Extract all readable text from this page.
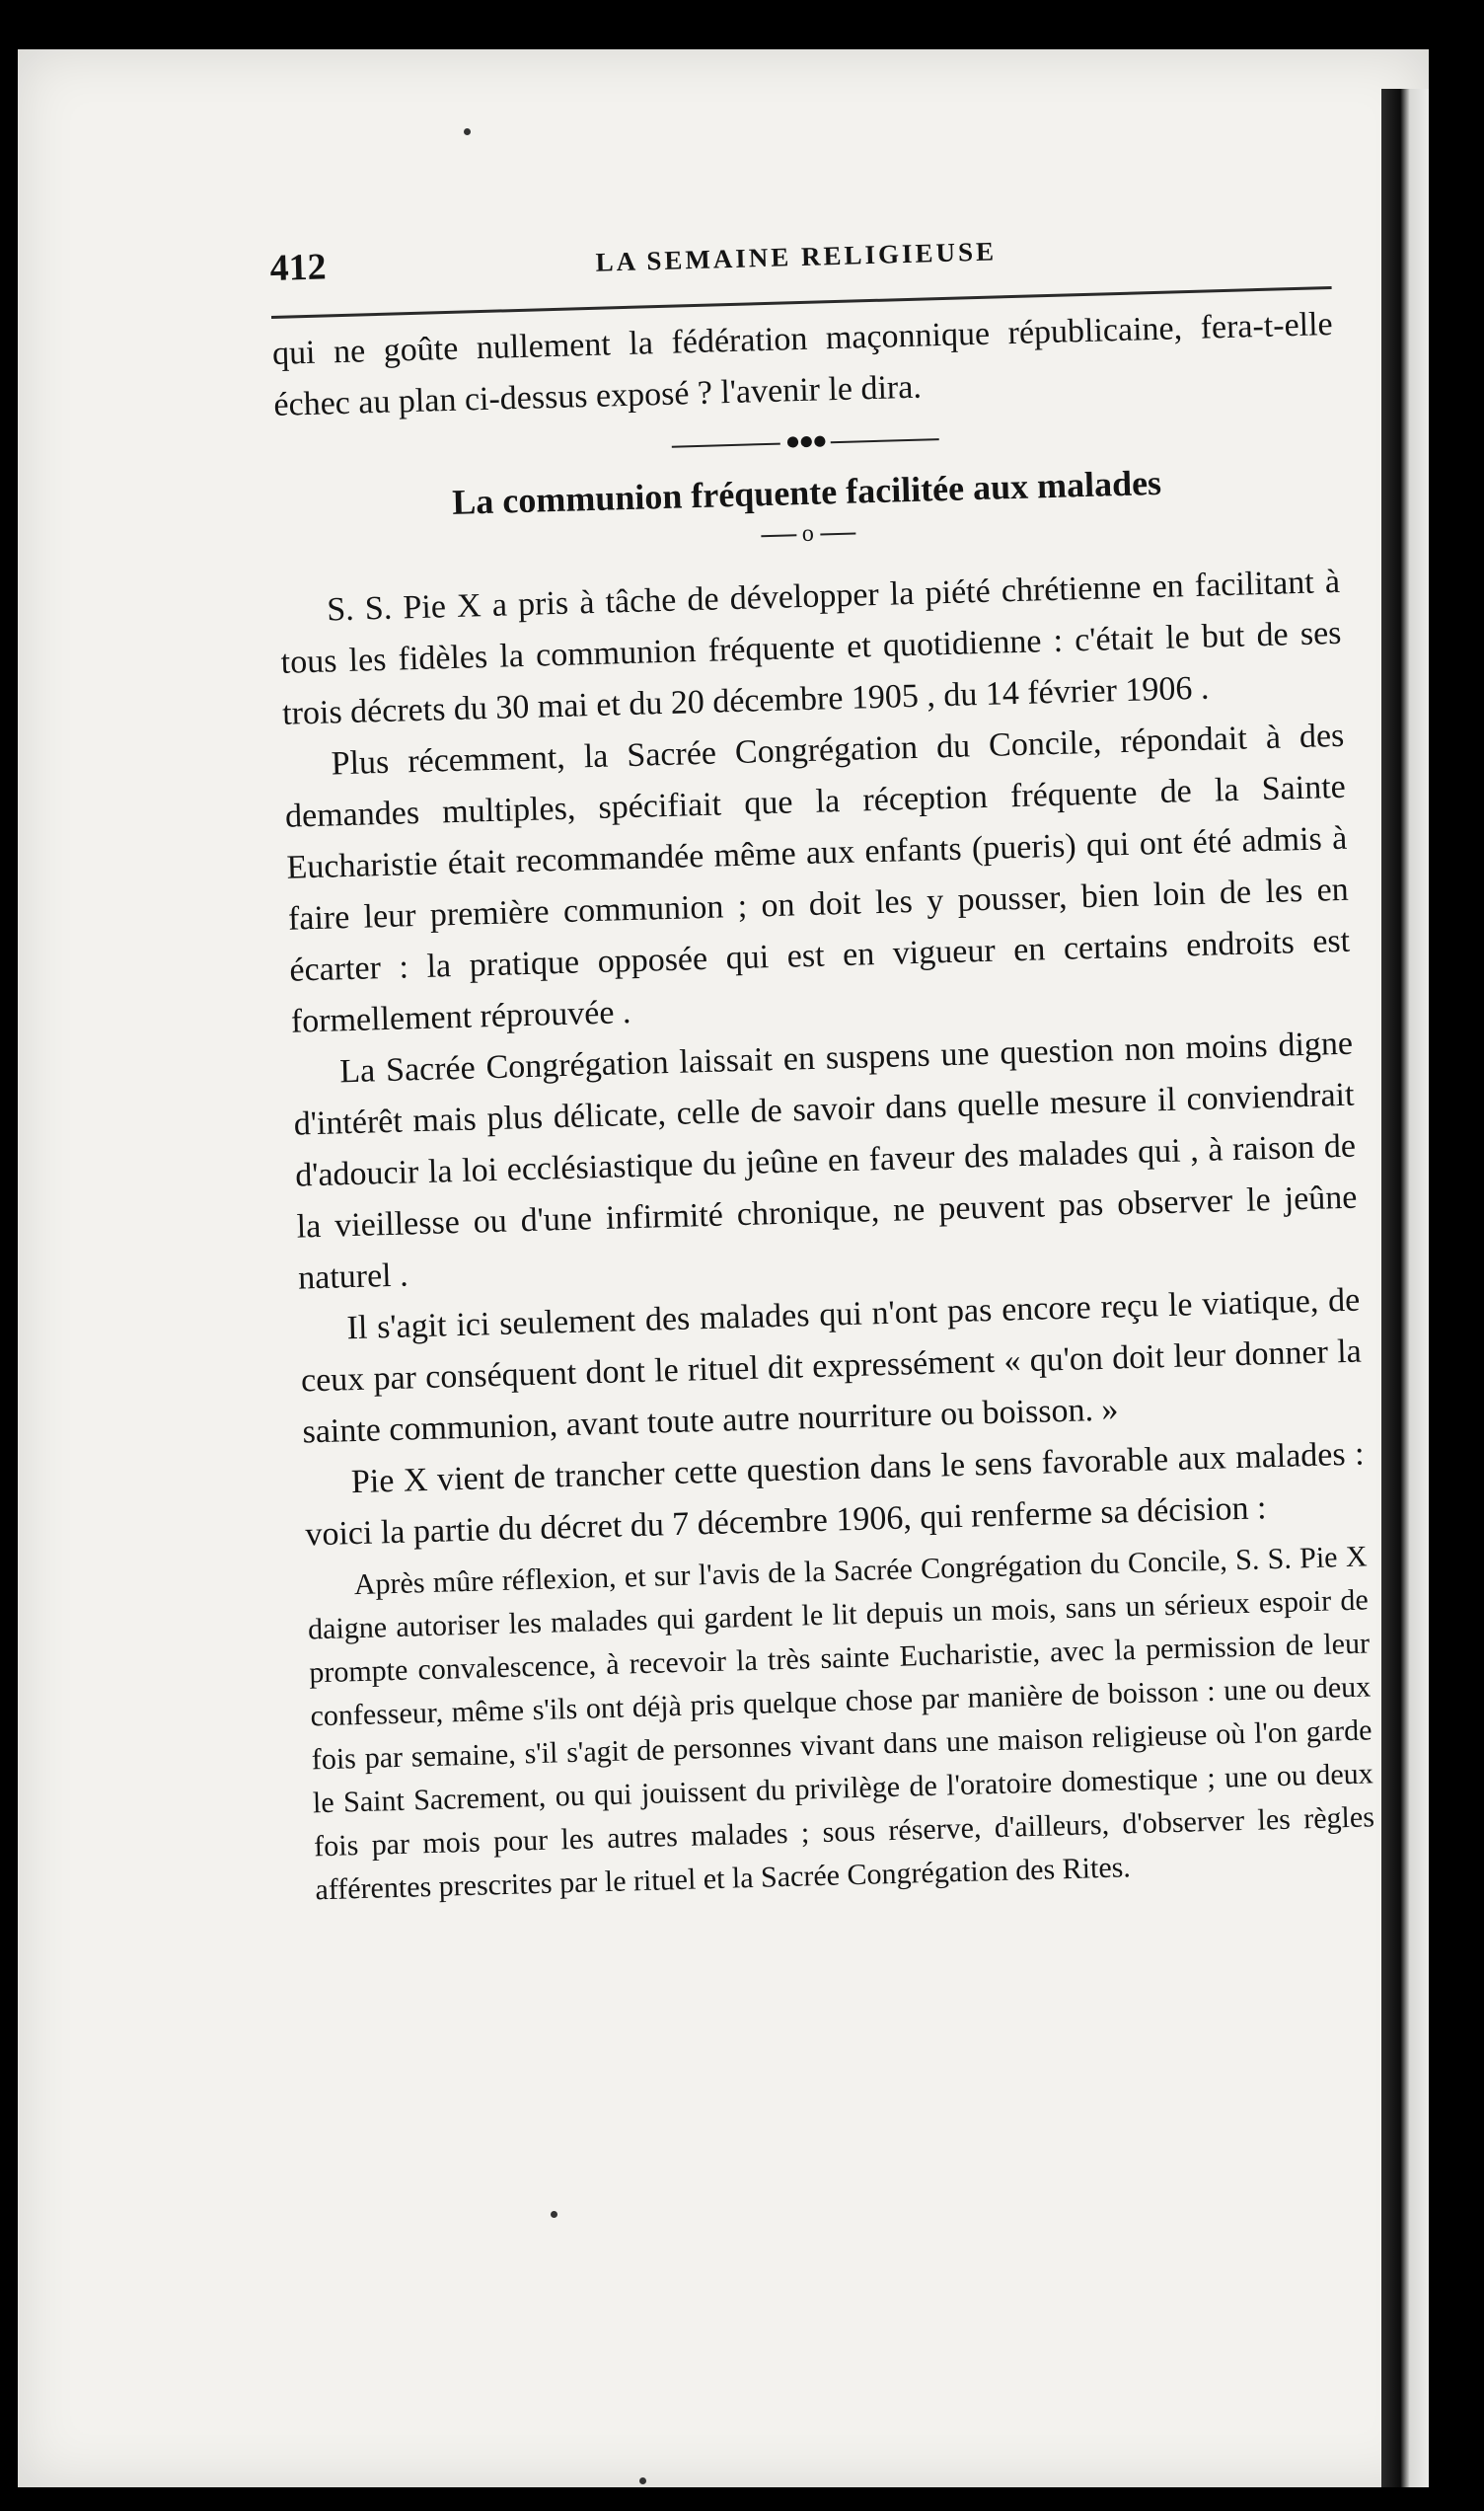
412	LA SEMAINE RELIGIEUSE

qui ne goûte nullement la fédération maçonnique républicaine, fera-t-elle échec au plan ci-dessus exposé ? l'avenir le dira.

●●●
La communion fréquente facilitée aux malades
o

S. S. Pie X a pris à tâche de développer la piété chrétienne en facilitant à tous les fidèles la communion fréquente et quotidienne : c'était le but de ses trois décrets du 30 mai et du 20 décembre 1905 , du 14 février 1906 .

Plus récemment, la Sacrée Congrégation du Concile, répondait à des demandes multiples, spécifiait que la réception fréquente de la Sainte Eucharistie était recommandée même aux enfants (pueris) qui ont été admis à faire leur première communion ; on doit les y pousser, bien loin de les en écarter : la pratique opposée qui est en vigueur en certains endroits est formellement réprouvée .

La Sacrée Congrégation laissait en suspens une question non moins digne d'intérêt mais plus délicate, celle de savoir dans quelle mesure il conviendrait d'adoucir la loi ecclésiastique du jeûne en faveur des malades qui , à raison de la vieillesse ou d'une infirmité chronique, ne peuvent pas observer le jeûne naturel .

Il s'agit ici seulement des malades qui n'ont pas encore reçu le viatique, de ceux par conséquent dont le rituel dit expressément « qu'on doit leur donner la sainte communion, avant toute autre nourriture ou boisson. »

Pie X vient de trancher cette question dans le sens favorable aux malades : voici la partie du décret du 7 décembre 1906, qui renferme sa décision :

Après mûre réflexion, et sur l'avis de la Sacrée Congrégation du Concile, S. S. Pie X daigne autoriser les malades qui gardent le lit depuis un mois, sans un sérieux espoir de prompte convalescence, à recevoir la très sainte Eucharistie, avec la permission de leur confesseur, même s'ils ont déjà pris quelque chose par manière de boisson : une ou deux fois par semaine, s'il s'agit de personnes vivant dans une maison religieuse où l'on garde le Saint Sacrement, ou qui jouissent du privilège de l'oratoire domestique ; une ou deux fois par mois pour les autres malades ; sous réserve, d'ailleurs, d'observer les règles afférentes prescrites par le rituel et la Sacrée Congrégation des Rites.
